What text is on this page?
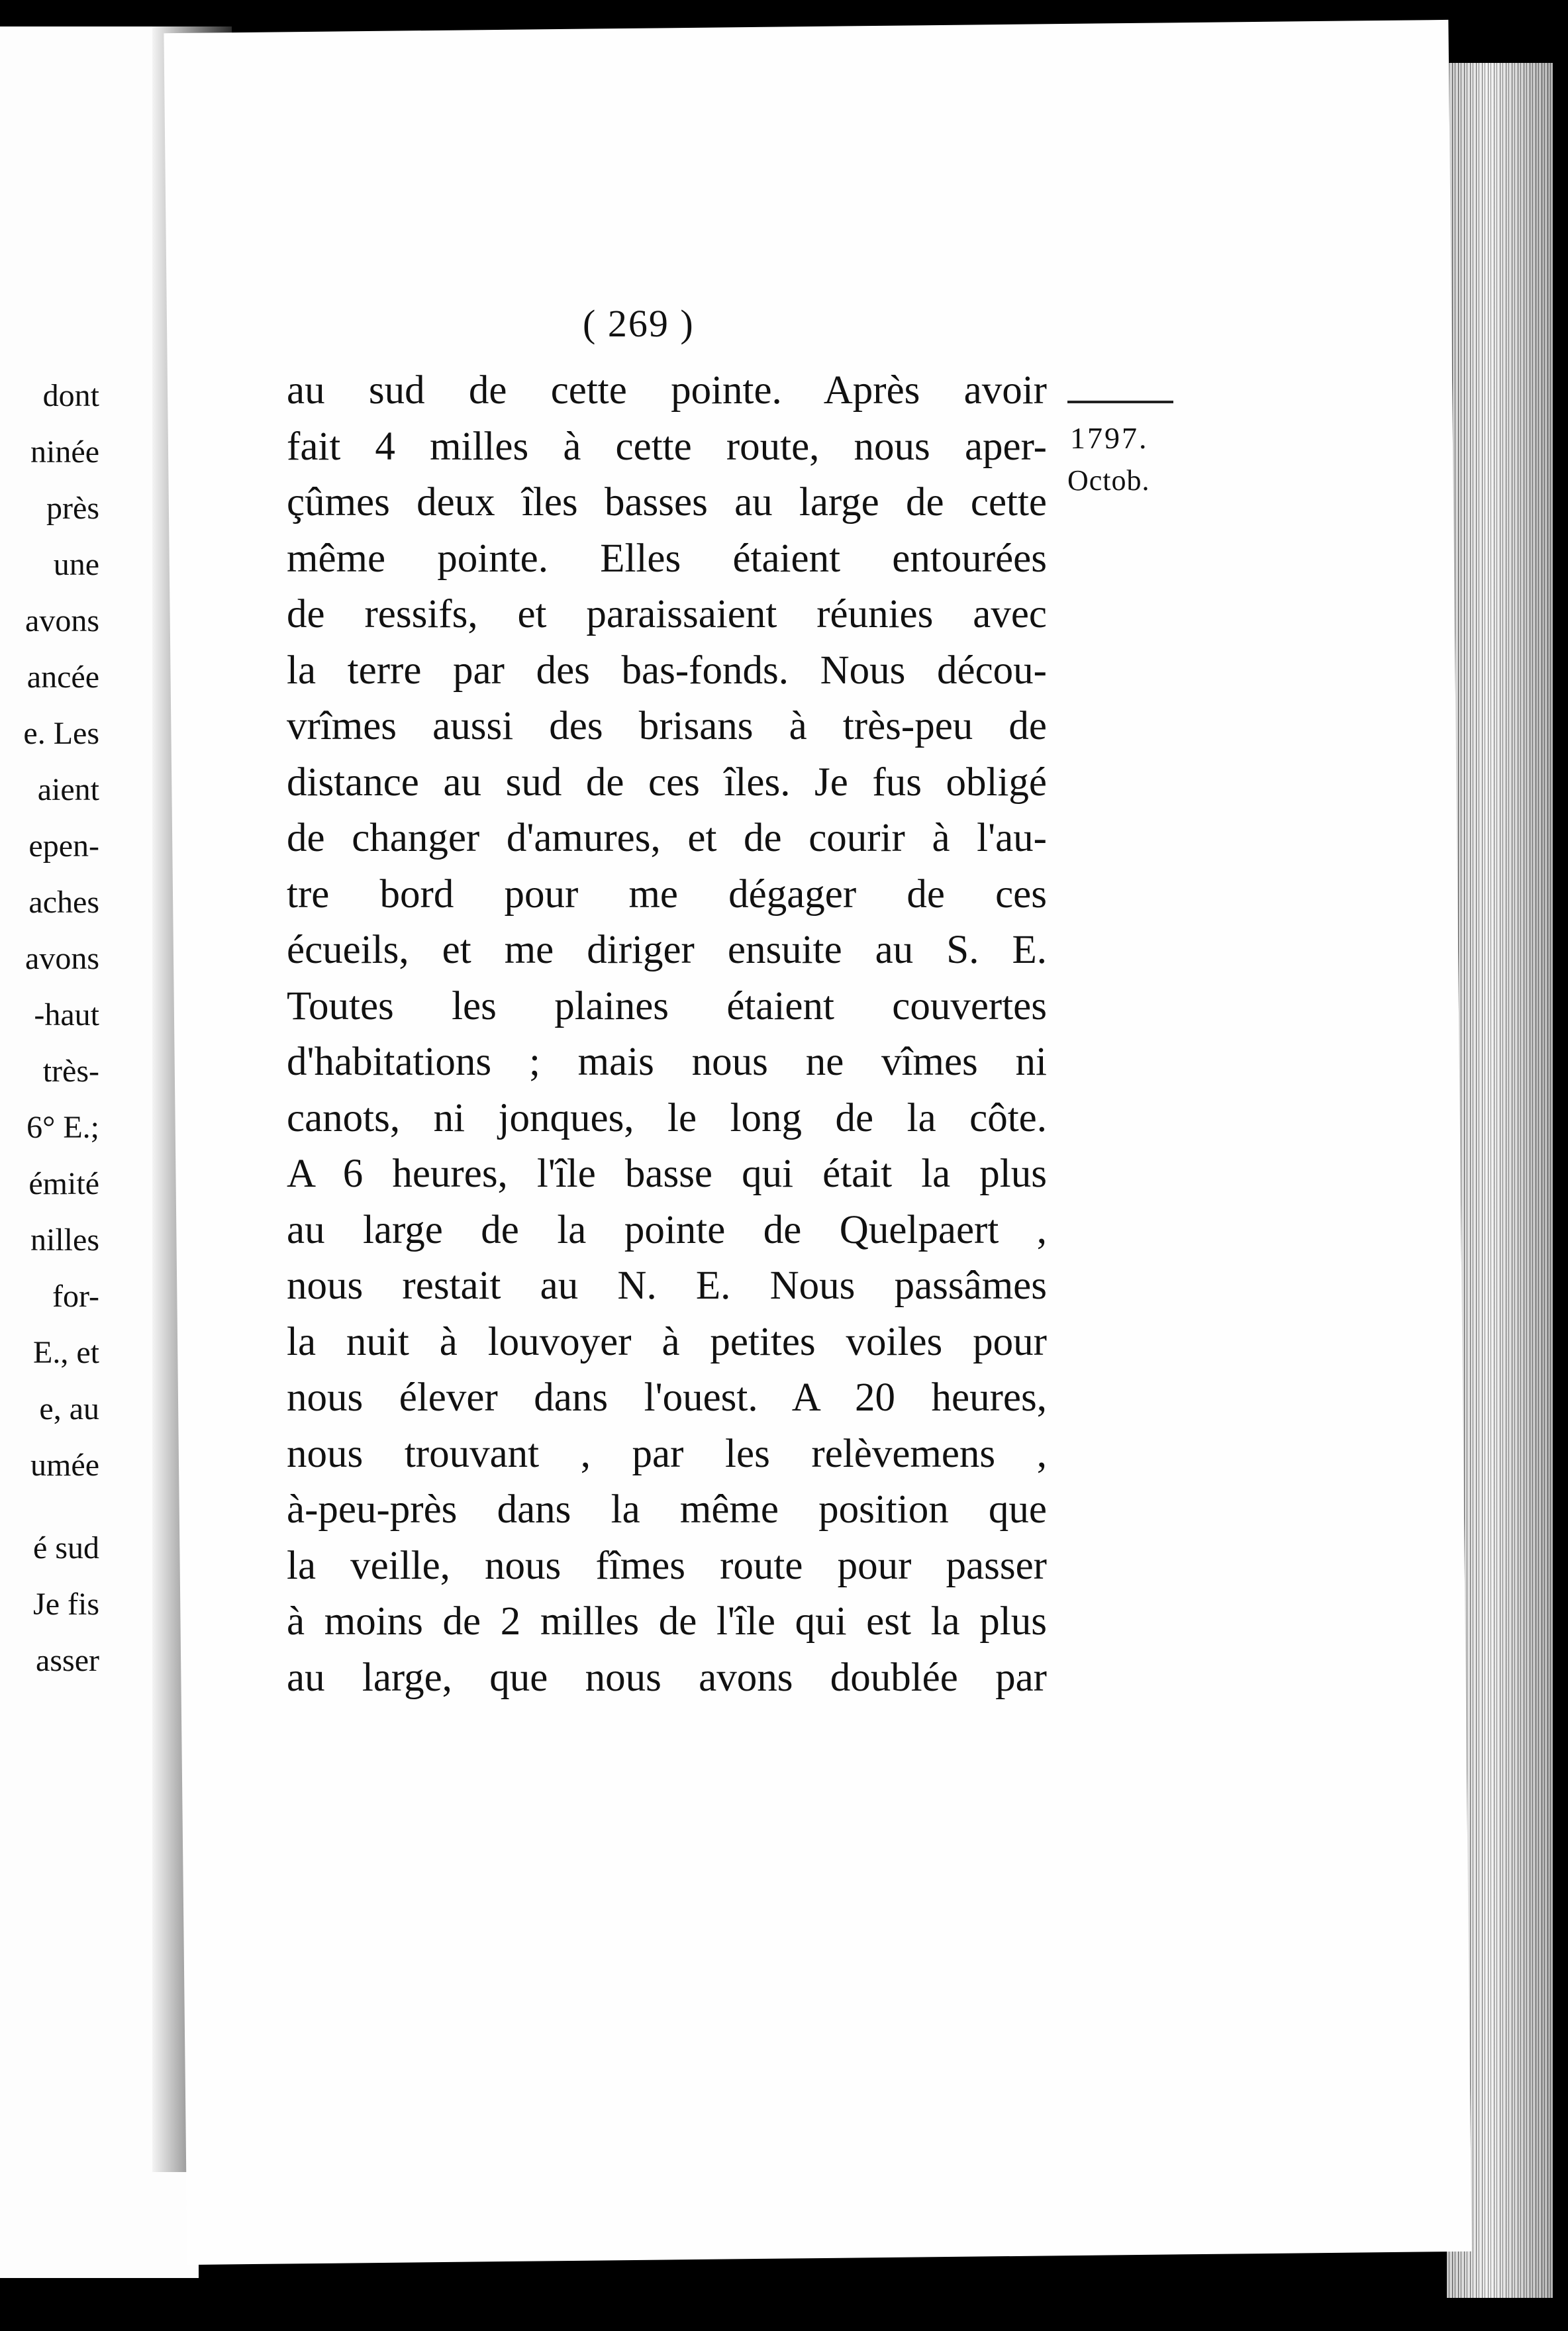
dont
ninée
près
une
avons
ancée
e. Les
aient
epen-
aches
avons
-haut
très-
6° E.;
émité
nilles
for-
E., et
e, au
umée
é sud
Je fis
asser
( 269 )
1797.
Octob.
au sud de cette pointe. Après avoir
fait 4 milles à cette route, nous aper-
çûmes deux îles basses au large de cette
même pointe. Elles étaient entourées
de ressifs, et paraissaient réunies avec
la terre par des bas-fonds. Nous décou-
vrîmes aussi des brisans à très-peu de
distance au sud de ces îles. Je fus obligé
de changer d'amures, et de courir à l'au-
tre bord pour me dégager de ces
écueils, et me diriger ensuite au S. E.
Toutes les plaines étaient couvertes
d'habitations ; mais nous ne vîmes ni
canots, ni jonques, le long de la côte.
A 6 heures, l'île basse qui était la plus
au large de la pointe de Quelpaert ,
nous restait au N. E. Nous passâmes
la nuit à louvoyer à petites voiles pour
nous élever dans l'ouest. A 20 heures,
nous trouvant , par les relèvemens ,
à-peu-près dans la même position que
la veille, nous fîmes route pour passer
à moins de 2 milles de l'île qui est la plus
au large, que nous avons doublée par
